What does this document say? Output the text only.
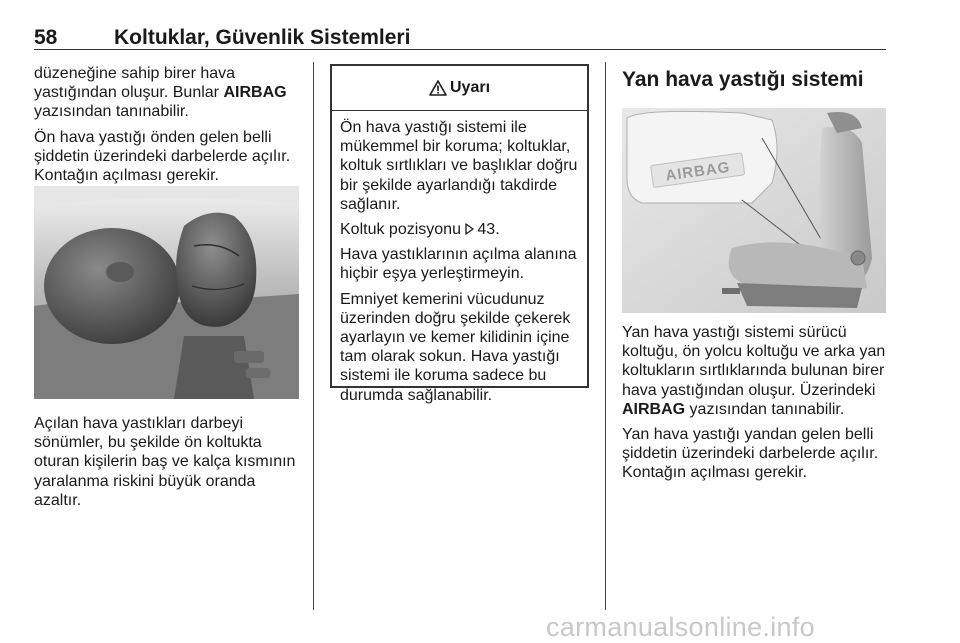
58	Koltuklar, Güvenlik Sistemleri

düzeneğine sahip birer hava yastığından oluşur. Bunlar AIRBAG yazısından tanınabilir.

Ön hava yastığı önden gelen belli şiddetin üzerindeki darbelerde açılır. Kontağın açılması gerekir.

Açılan hava yastıkları darbeyi sönümler, bu şekilde ön koltukta oturan kişilerin baş ve kalça kısmının yaralanma riskini büyük oranda azaltır.

Uyarı

Ön hava yastığı sistemi ile mükemmel bir koruma; koltuklar, koltuk sırtlıkları ve başlıklar doğru bir şekilde ayarlandığı takdirde sağlanır.

Koltuk pozisyonu 43.

Hava yastıklarının açılma alanına hiçbir eşya yerleştirmeyin.

Emniyet kemerini vücudunuz üzerinden doğru şekilde çekerek ayarlayın ve kemer kilidinin içine tam olarak sokun. Hava yastığı sistemi ile koruma sadece bu durumda sağlanabilir.

Yan hava yastığı sistemi
AIRBAG

Yan hava yastığı sistemi sürücü koltuğu, ön yolcu koltuğu ve arka yan koltukların sırtlıklarında bulunan birer hava yastığından oluşur. Üzerindeki AIRBAG yazısından tanınabilir.

Yan hava yastığı yandan gelen belli şiddetin üzerindeki darbelerde açılır. Kontağın açılması gerekir.

carmanualsonline.info
